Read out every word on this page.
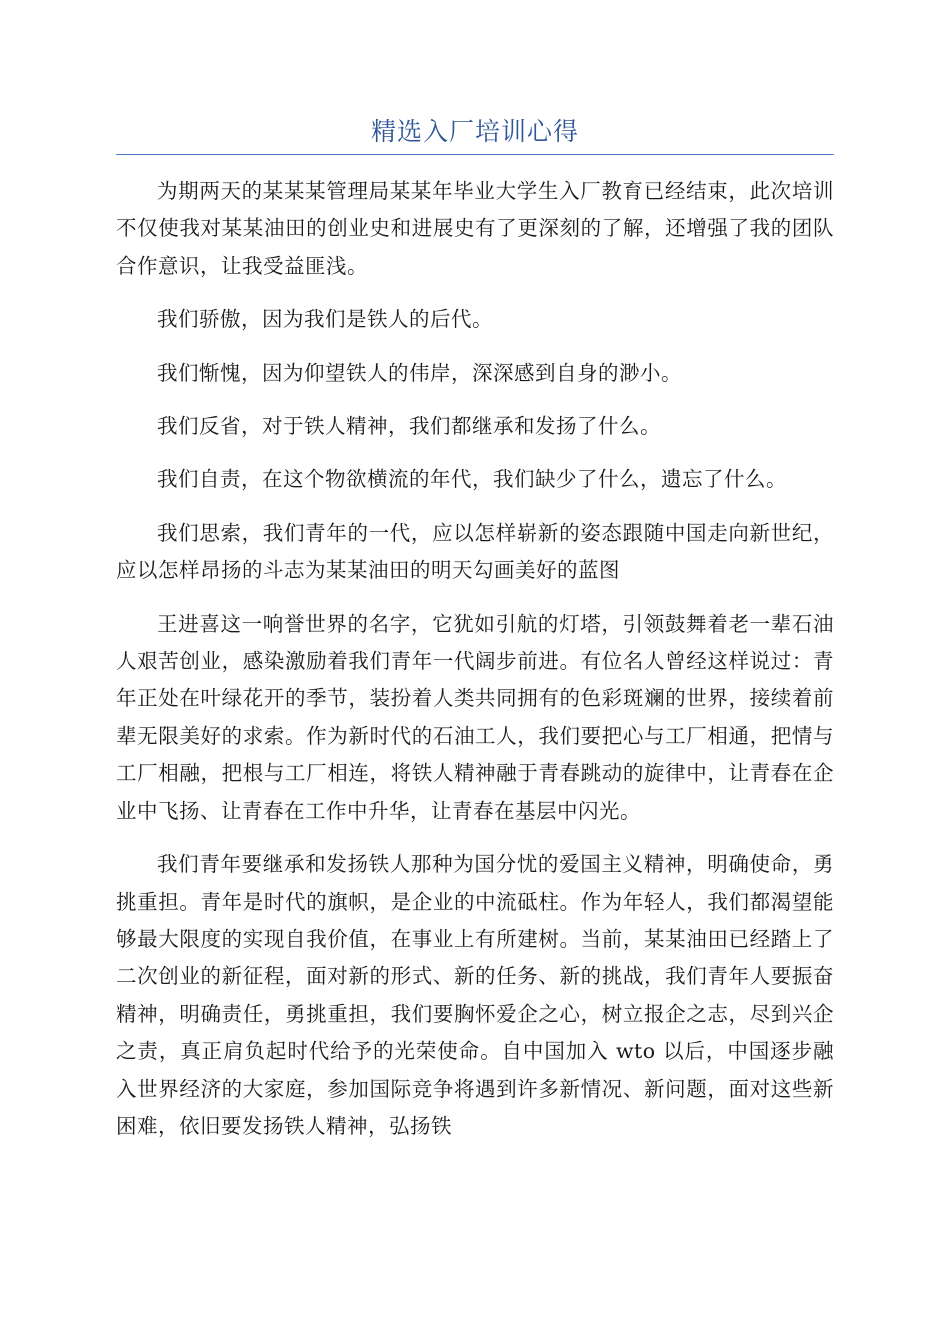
精选入厂培训心得

为期两天的某某某管理局某某年毕业大学生入厂教育已经结束，此次培训不仅使我对某某油田的创业史和进展史有了更深刻的了解，还增强了我的团队合作意识，让我受益匪浅。

我们骄傲，因为我们是铁人的后代。

我们惭愧，因为仰望铁人的伟岸，深深感到自身的渺小。

我们反省，对于铁人精神，我们都继承和发扬了什么。

我们自责，在这个物欲横流的年代，我们缺少了什么，遗忘了什么。

我们思索，我们青年的一代，应以怎样崭新的姿态跟随中国走向新世纪，应以怎样昂扬的斗志为某某油田的明天勾画美好的蓝图

王进喜这一响誉世界的名字，它犹如引航的灯塔，引领鼓舞着老一辈石油人艰苦创业，感染激励着我们青年一代阔步前进。有位名人曾经这样说过：青年正处在叶绿花开的季节，装扮着人类共同拥有的色彩斑斓的世界，接续着前辈无限美好的求索。作为新时代的石油工人，我们要把心与工厂相通，把情与工厂相融，把根与工厂相连，将铁人精神融于青春跳动的旋律中，让青春在企业中飞扬、让青春在工作中升华，让青春在基层中闪光。

我们青年要继承和发扬铁人那种为国分忧的爱国主义精神，明确使命，勇挑重担。青年是时代的旗帜，是企业的中流砥柱。作为年轻人，我们都渴望能够最大限度的实现自我价值，在事业上有所建树。当前，某某油田已经踏上了二次创业的新征程，面对新的形式、新的任务、新的挑战，我们青年人要振奋精神，明确责任，勇挑重担，我们要胸怀爱企之心，树立报企之志，尽到兴企之责，真正肩负起时代给予的光荣使命。自中国加入 wto 以后，中国逐步融入世界经济的大家庭，参加国际竞争将遇到许多新情况、新问题，面对这些新困难，依旧要发扬铁人精神，弘扬铁
